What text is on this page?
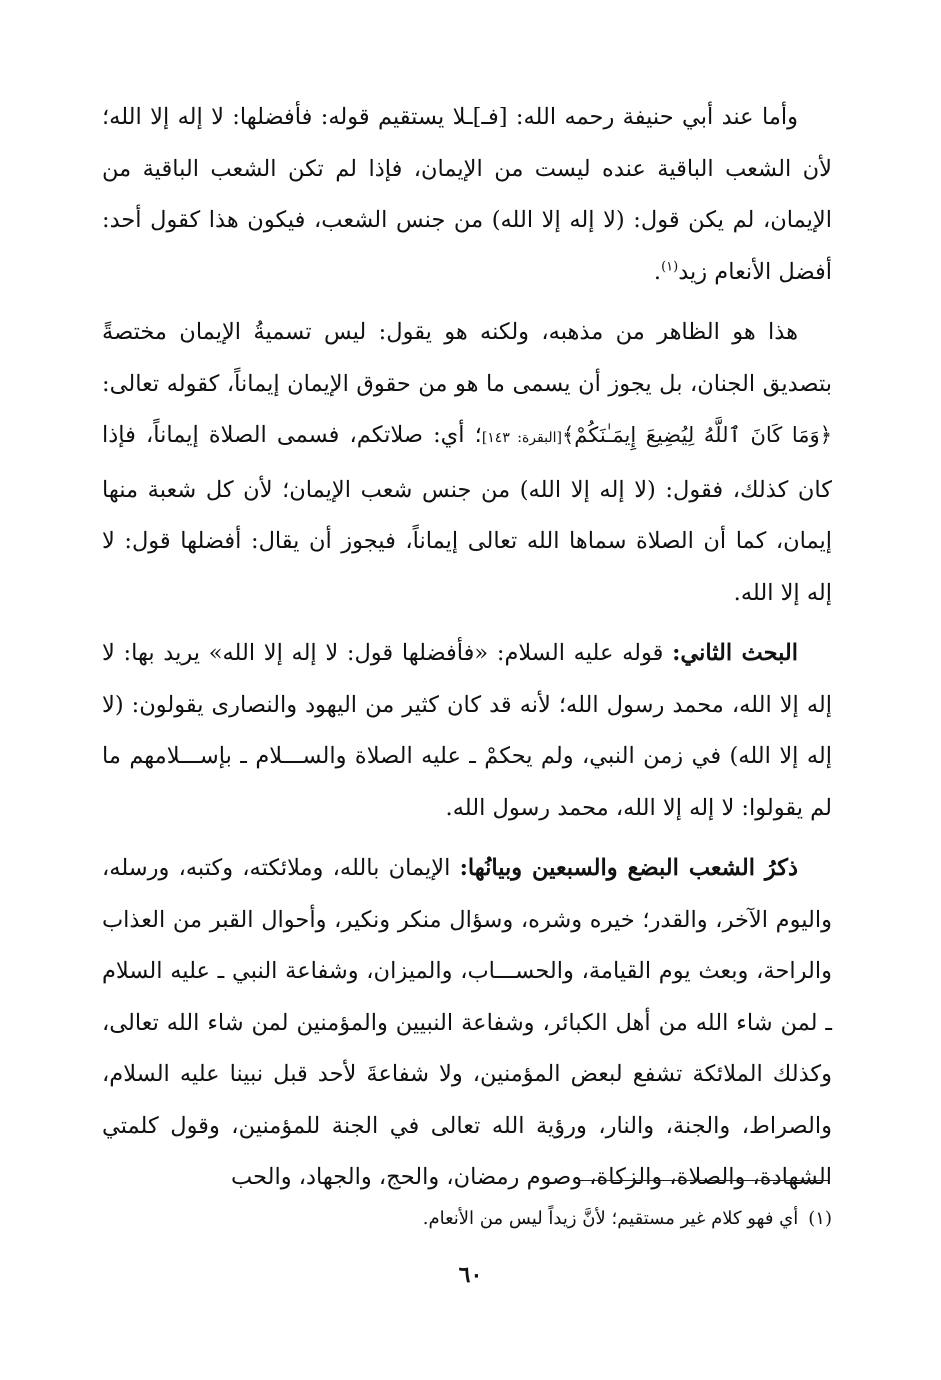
وأما عند أبي حنيفة رحمه الله: [فـ]ـلا يستقيم قوله: فأفضلها: لا إله إلا الله؛ لأن الشعب الباقية عنده ليست من الإيمان، فإذا لم تكن الشعب الباقية من الإيمان، لم يكن قول: (لا إله إلا الله) من جنس الشعب، فيكون هذا كقول أحد: أفضل الأنعام زيد$^{(١)}$.

هذا هو الظاهر من مذهبه، ولكنه هو يقول: ليس تسميةُ الإيمان مختصةً بتصديق الجنان، بل يجوز أن يسمى ما هو من حقوق الإيمان إيماناً، كقوله تعالى: ﴿وَمَا كَانَ ٱللَّهُ لِيُضِيعَ إِيمَـٰنَكُمْ﴾[البقرة: ١٤٣]؛ أي: صلاتكم، فسمى الصلاة إيماناً، فإذا كان كذلك، فقول: (لا إله إلا الله) من جنس شعب الإيمان؛ لأن كل شعبة منها إيمان، كما أن الصلاة سماها الله تعالى إيماناً، فيجوز أن يقال: أفضلها قول: لا إله إلا الله.

البحث الثاني: قوله عليه السلام: «فأفضلها قول: لا إله إلا الله» يريد بها: لا إله إلا الله، محمد رسول الله؛ لأنه قد كان كثير من اليهود والنصارى يقولون: (لا إله إلا الله) في زمن النبي، ولم يحكمْ ـ عليه الصلاة والســـلام ـ بإســـلامهم ما لم يقولوا: لا إله إلا الله، محمد رسول الله.

ذكرُ الشعب البضع والسبعين وبيانُها: الإيمان بالله، وملائكته، وكتبه، ورسله، واليوم الآخر، والقدر؛ خيره وشره، وسؤال منكر ونكير، وأحوال القبر من العذاب والراحة، وبعث يوم القيامة، والحســـاب، والميزان، وشفاعة النبي ـ عليه السلام ـ لمن شاء الله من أهل الكبائر، وشفاعة النبيين والمؤمنين لمن شاء الله تعالى، وكذلك الملائكة تشفع لبعض المؤمنين، ولا شفاعةَ لأحد قبل نبينا عليه السلام، والصراط، والجنة، والنار، ورؤية الله تعالى في الجنة للمؤمنين، وقول كلمتي الشهادة، والصلاة، والزكاة، وصوم رمضان، والحج، والجهاد، والحب

(١)أي فهو كلام غير مستقيم؛ لأنَّ زيداً ليس من الأنعام.
٦٠
